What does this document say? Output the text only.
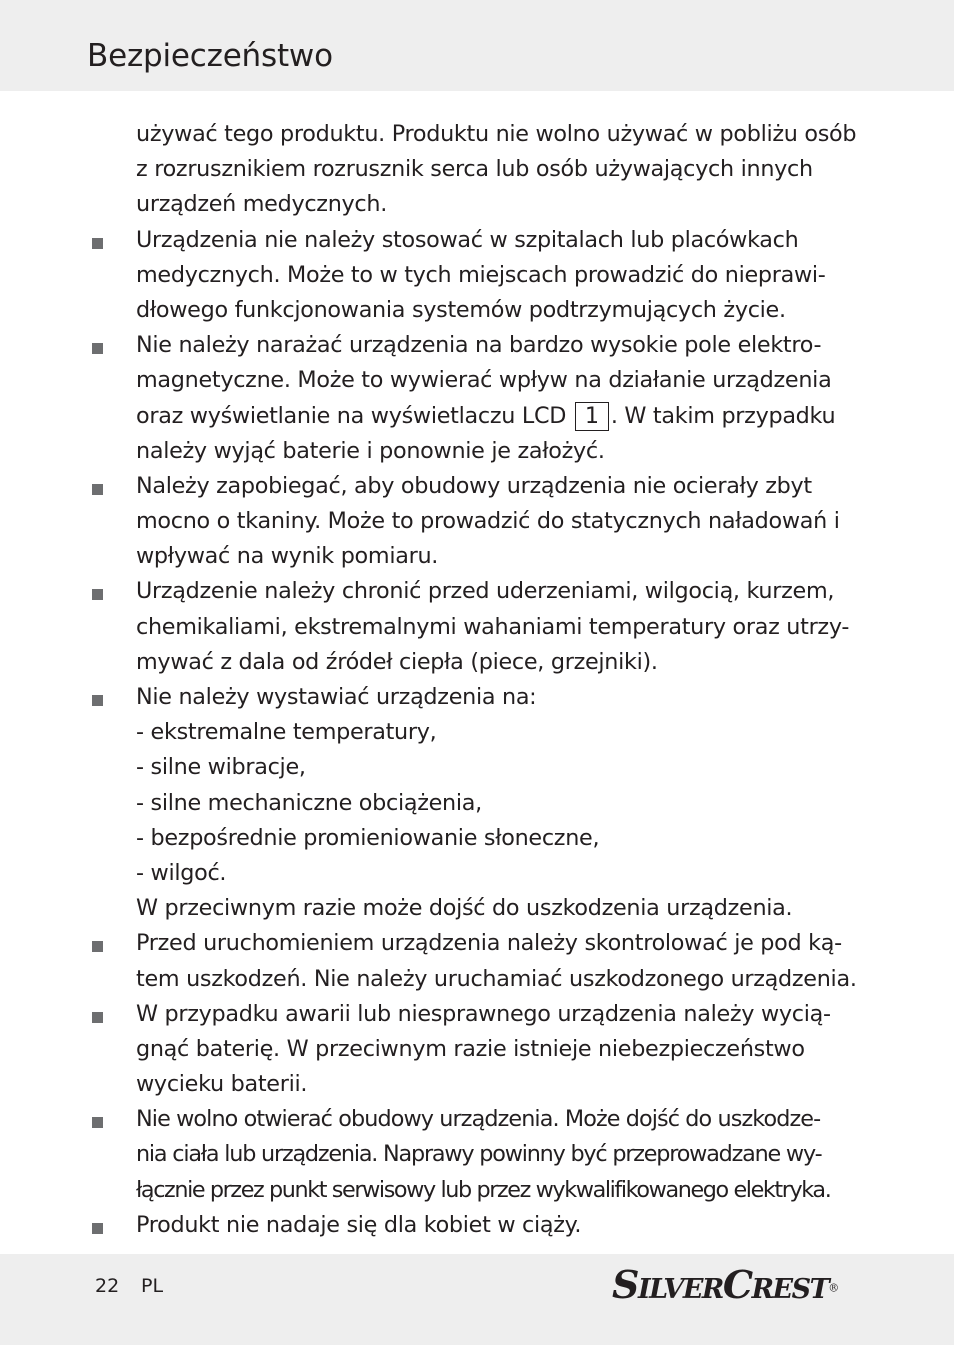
Bezpieczeństwo
używać tego produktu. Produktu nie wolno używać w pobliżu osób
z rozrusznikiem rozrusznik serca lub osób używających innych
urządzeń medycznych.
Urządzenia nie należy stosować w szpitalach lub placówkach
medycznych. Może to w tych miejscach prowadzić do nieprawi-
dłowego funkcjonowania systemów podtrzymujących życie.
Nie należy narażać urządzenia na bardzo wysokie pole elektro-
magnetyczne. Może to wywierać wpływ na działanie urządzenia
oraz wyświetlanie na wyświetlaczu LCD 1 . W takim przypadku
należy wyjąć baterie i ponownie je założyć.
Należy zapobiegać, aby obudowy urządzenia nie ocierały zbyt
mocno o tkaniny. Może to prowadzić do statycznych naładowań i
wpływać na wynik pomiaru.
Urządzenie należy chronić przed uderzeniami, wilgocią, kurzem,
chemikaliami, ekstremalnymi wahaniami temperatury oraz utrzy-
mywać z dala od źródeł ciepła (piece, grzejniki).
Nie należy wystawiać urządzenia na:
- ekstremalne temperatury,
- silne wibracje,
- silne mechaniczne obciążenia,
- bezpośrednie promieniowanie słoneczne,
- wilgoć.
W przeciwnym razie może dojść do uszkodzenia urządzenia.
Przed uruchomieniem urządzenia należy skontrolować je pod ką-
tem uszkodzeń. Nie należy uruchamiać uszkodzonego urządzenia.
W przypadku awarii lub niesprawnego urządzenia należy wycią-
gnąć baterię. W przeciwnym razie istnieje niebezpieczeństwo
wycieku baterii.
Nie wolno otwierać obudowy urządzenia. Może dojść do uszkodze-
nia ciała lub urządzenia. Naprawy powinny być przeprowadzane wy-
łącznie przez punkt serwisowy lub przez wykwalifikowanego elektryka.
Produkt nie nadaje się dla kobiet w ciąży.
22 PL	SILVERCREST®
